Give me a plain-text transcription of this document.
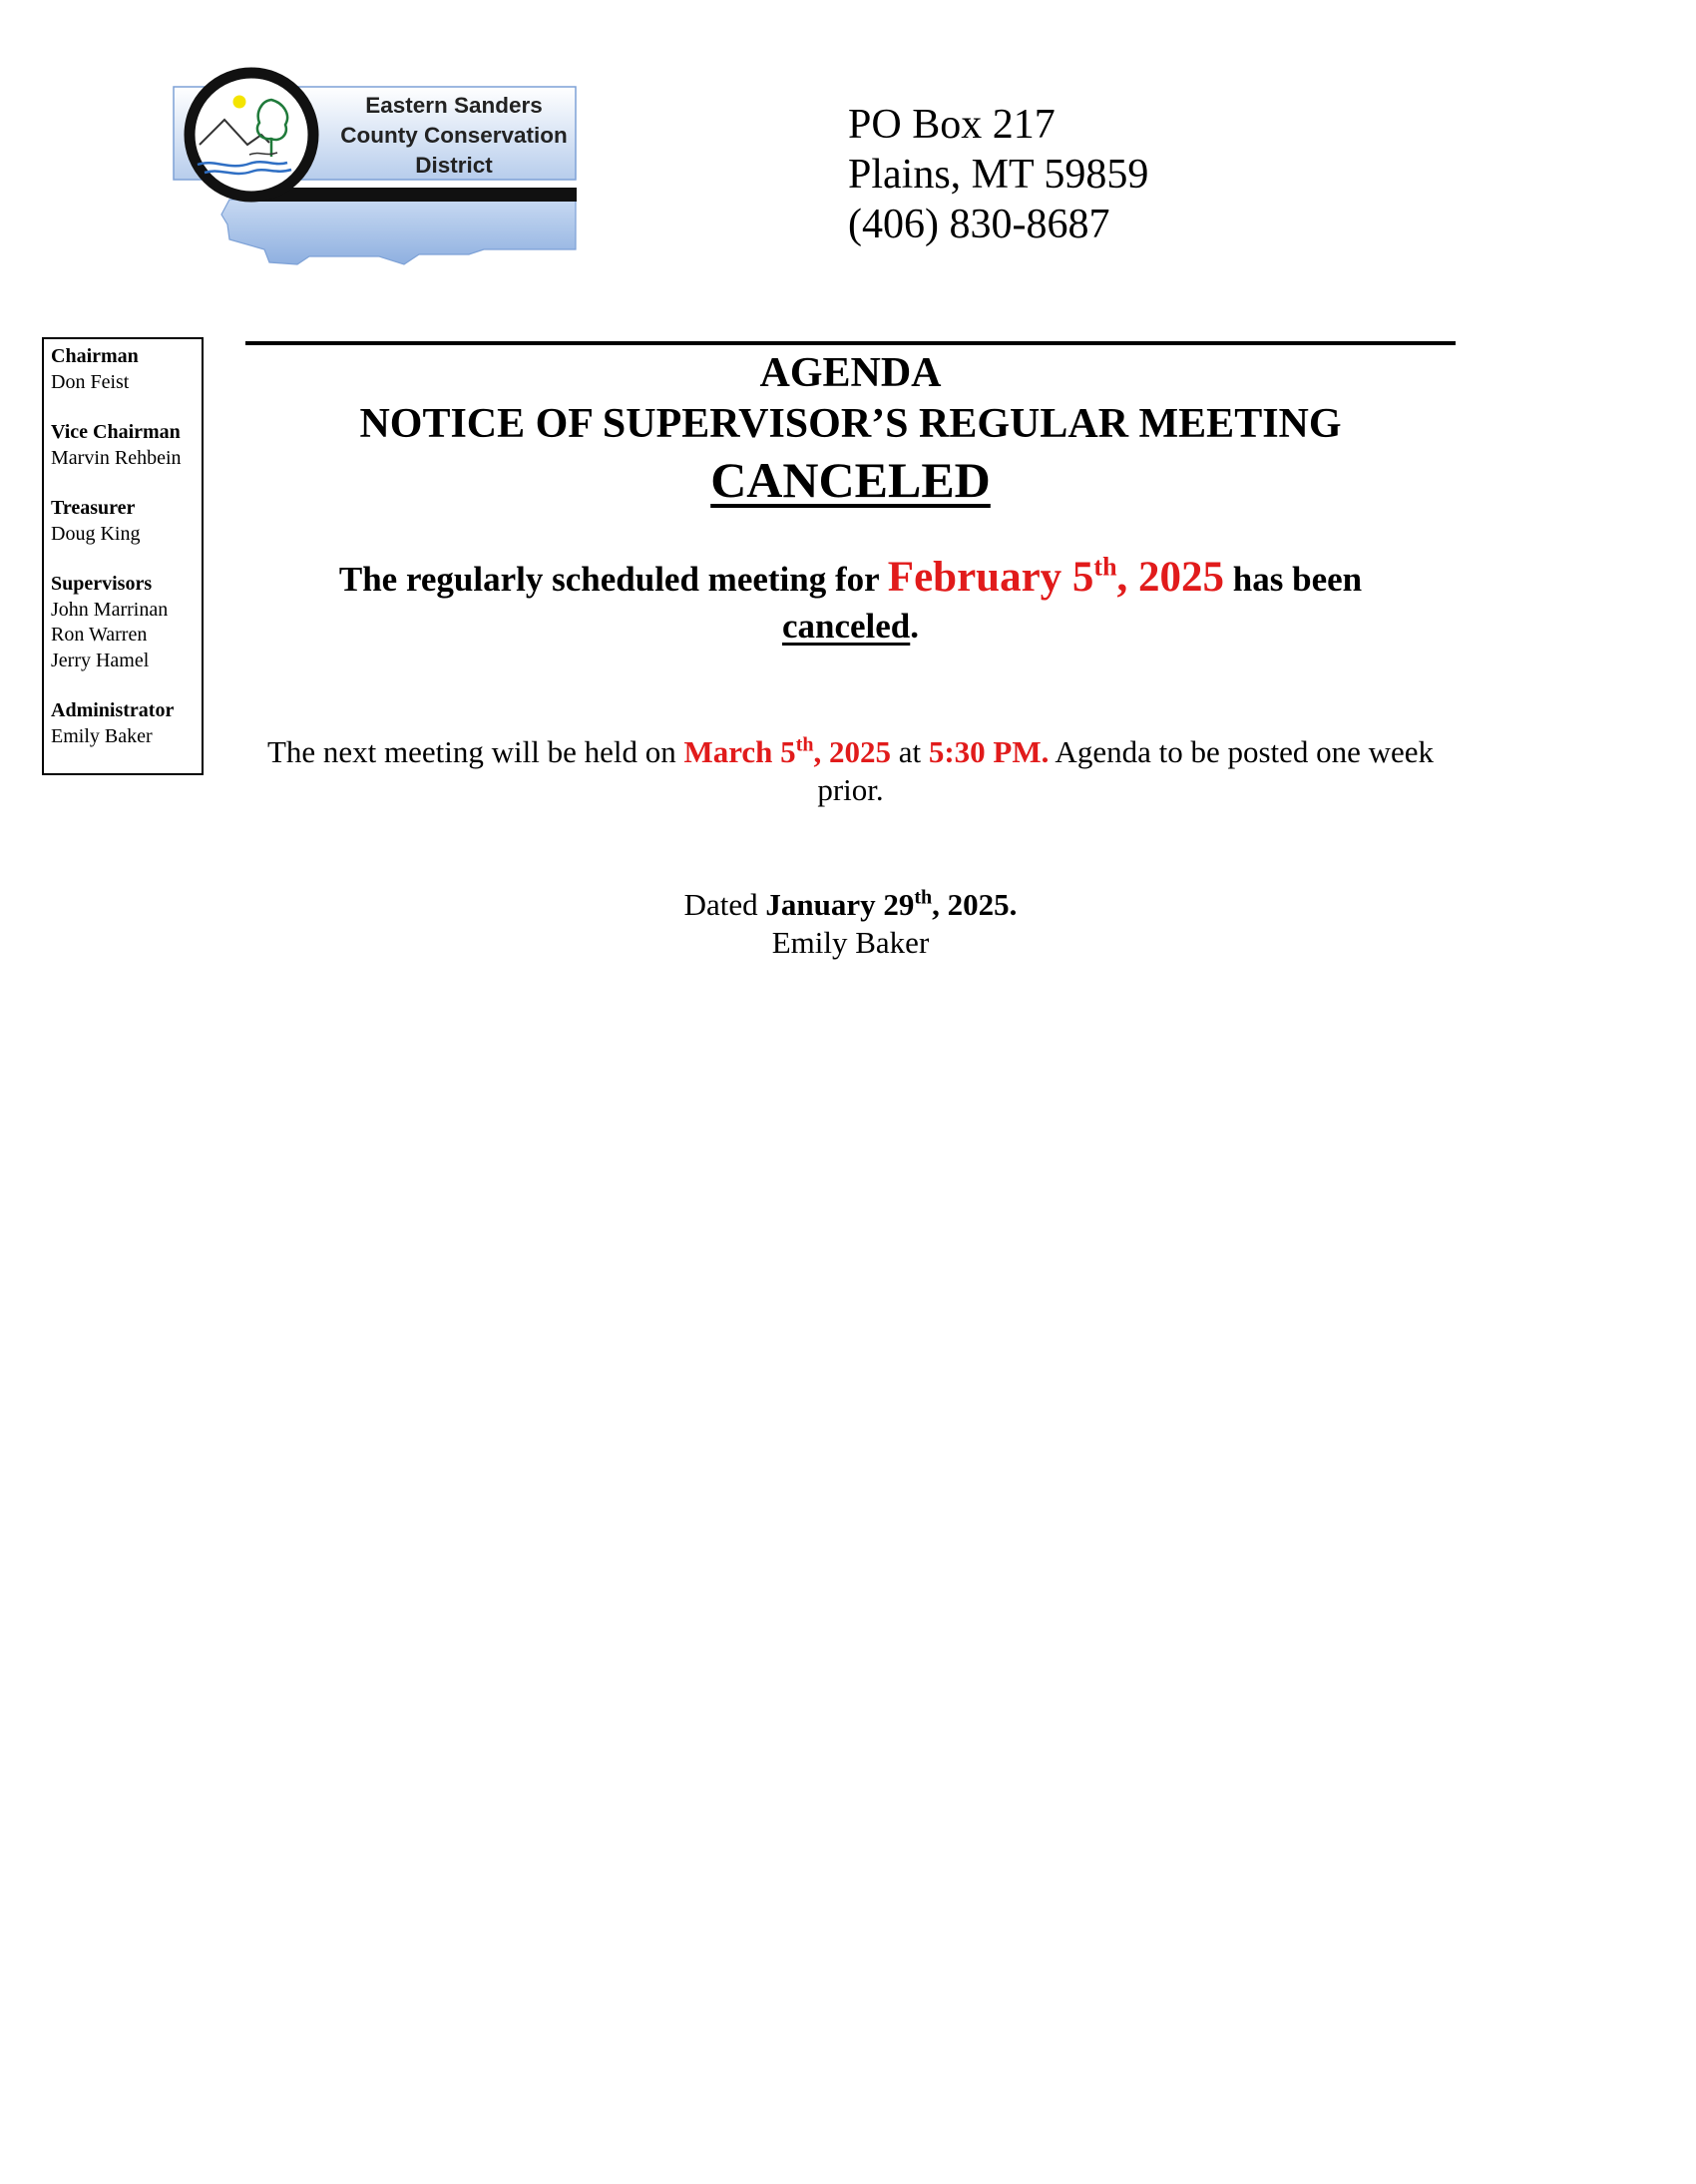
Eastern Sanders
County Conservation
District
PO Box 217
Plains, MT 59859
(406) 830-8687
Chairman
Don Feist
Vice Chairman
Marvin Rehbein
Treasurer
Doug King
Supervisors
John Marrinan
Ron Warren
Jerry Hamel
Administrator
Emily Baker
AGENDA
NOTICE OF SUPERVISOR’S REGULAR MEETING
CANCELED
The regularly scheduled meeting for February 5th, 2025 has been
canceled.
The next meeting will be held on March 5th, 2025 at 5:30 PM. Agenda to be posted one week prior.
Dated January 29th, 2025.
Emily Baker
